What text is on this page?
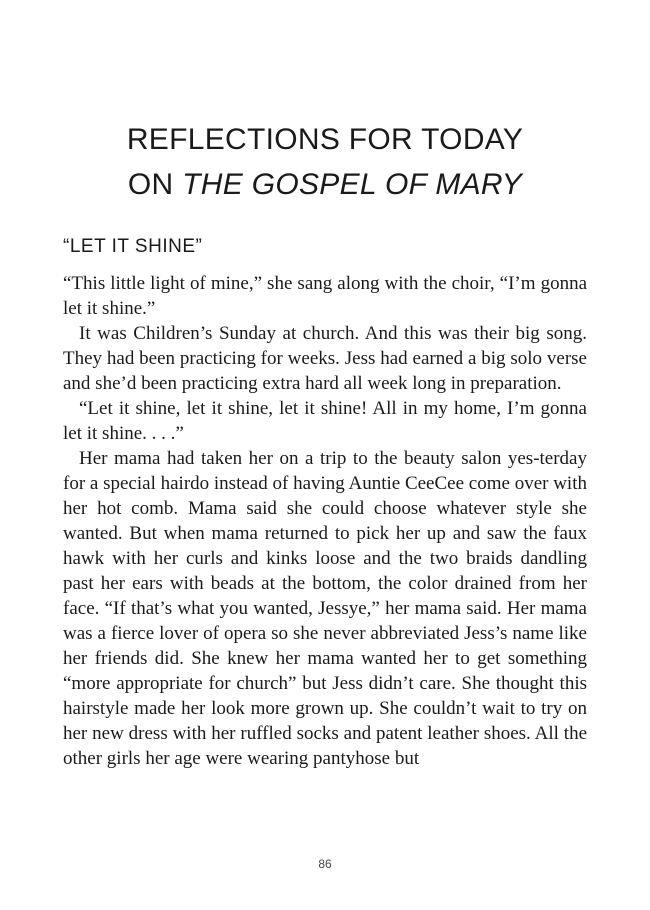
REFLECTIONS FOR TODAY
ON THE GOSPEL OF MARY
“LET IT SHINE”

“This little light of mine,” she sang along with the choir, “I’m gonna let it shine.”

It was Children’s Sunday at church. And this was their big song. They had been practicing for weeks. Jess had earned a big solo verse and she’d been practicing extra hard all week long in preparation.

“Let it shine, let it shine, let it shine! All in my home, I’m gonna let it shine. . . .”

Her mama had taken her on a trip to the beauty salon yes-terday for a special hairdo instead of having Auntie CeeCee come over with her hot comb. Mama said she could choose whatever style she wanted. But when mama returned to pick her up and saw the faux hawk with her curls and kinks loose and the two braids dandling past her ears with beads at the bottom, the color drained from her face. “If that’s what you wanted, Jessye,” her mama said. Her mama was a fierce lover of opera so she never abbreviated Jess’s name like her friends did. She knew her mama wanted her to get something “more appropriate for church” but Jess didn’t care. She thought this hairstyle made her look more grown up. She couldn’t wait to try on her new dress with her ruffled socks and patent leather shoes. All the other girls her age were wearing pantyhose but

86
